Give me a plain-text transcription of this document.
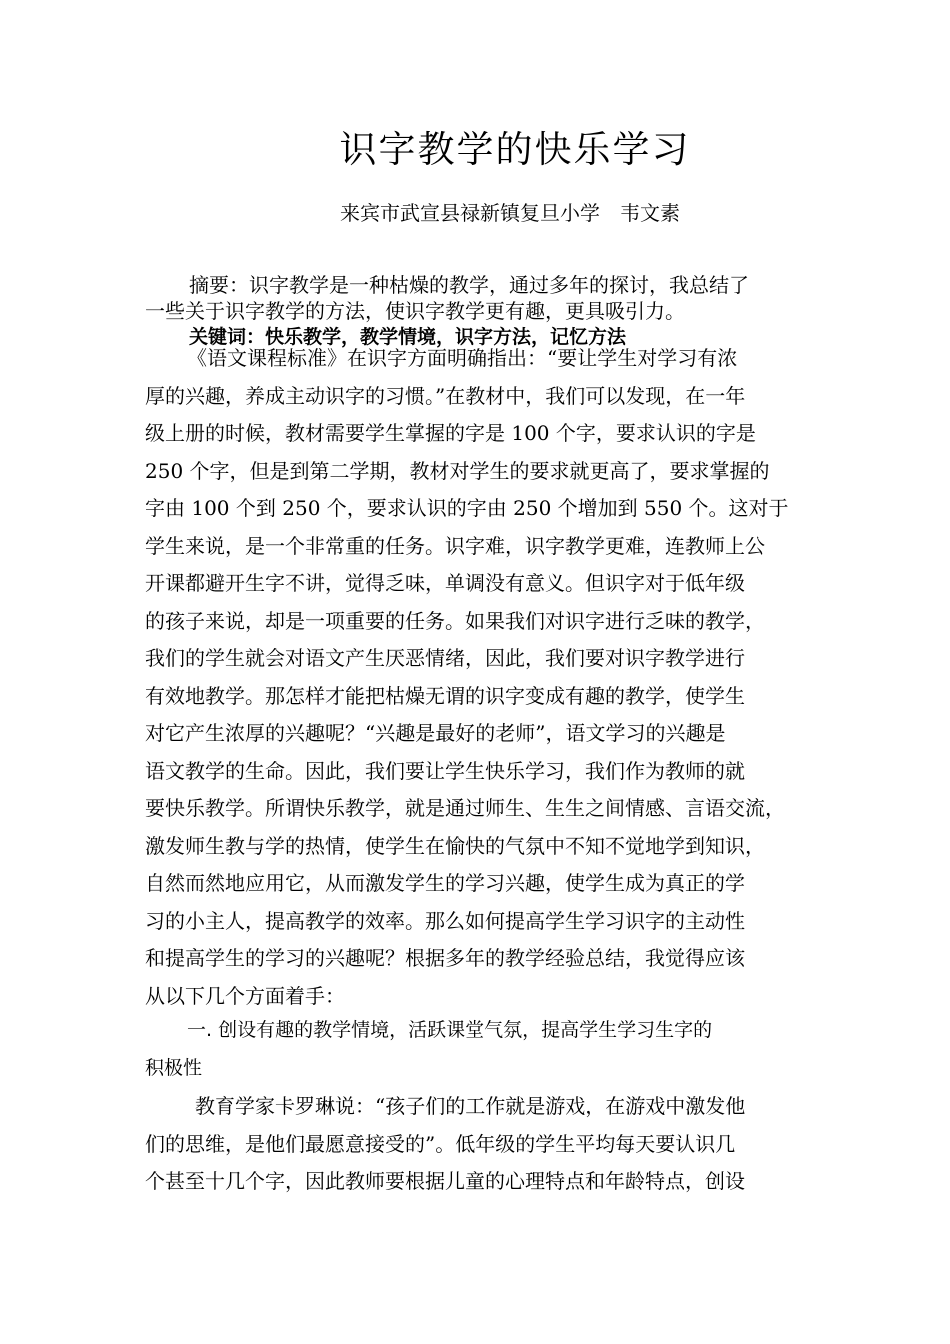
识字教学的快乐学习
来宾市武宣县禄新镇复旦小学　韦文素
摘要：识字教学是一种枯燥的教学，通过多年的探讨，我总结了
一些关于识字教学的方法，使识字教学更有趣，更具吸引力。
关键词：快乐教学，教学情境，识字方法，记忆方法
《语文课程标准》在识字方面明确指出：“要让学生对学习有浓
厚的兴趣，养成主动识字的习惯。”在教材中，我们可以发现，在一年
级上册的时候，教材需要学生掌握的字是 100 个字，要求认识的字是
250 个字，但是到第二学期，教材对学生的要求就更高了，要求掌握的
字由 100 个到 250 个，要求认识的字由 250 个增加到 550 个。这对于
学生来说，是一个非常重的任务。识字难，识字教学更难，连教师上公
开课都避开生字不讲，觉得乏味，单调没有意义。但识字对于低年级
的孩子来说，却是一项重要的任务。如果我们对识字进行乏味的教学，
我们的学生就会对语文产生厌恶情绪，因此，我们要对识字教学进行
有效地教学。那怎样才能把枯燥无谓的识字变成有趣的教学，使学生
对它产生浓厚的兴趣呢？“兴趣是最好的老师”，语文学习的兴趣是
语文教学的生命。因此，我们要让学生快乐学习，我们作为教师的就
要快乐教学。所谓快乐教学，就是通过师生、生生之间情感、言语交流，
激发师生教与学的热情，使学生在愉快的气氛中不知不觉地学到知识，
自然而然地应用它，从而激发学生的学习兴趣，使学生成为真正的学
习的小主人，提高教学的效率。那么如何提高学生学习识字的主动性
和提高学生的学习的兴趣呢？根据多年的教学经验总结，我觉得应该
从以下几个方面着手：
一. 创设有趣的教学情境，活跃课堂气氛，提高学生学习生字的
积极性
教育学家卡罗琳说：“孩子们的工作就是游戏，在游戏中激发他
们的思维，是他们最愿意接受的”。低年级的学生平均每天要认识几
个甚至十几个字，因此教师要根据儿童的心理特点和年龄特点，创设
